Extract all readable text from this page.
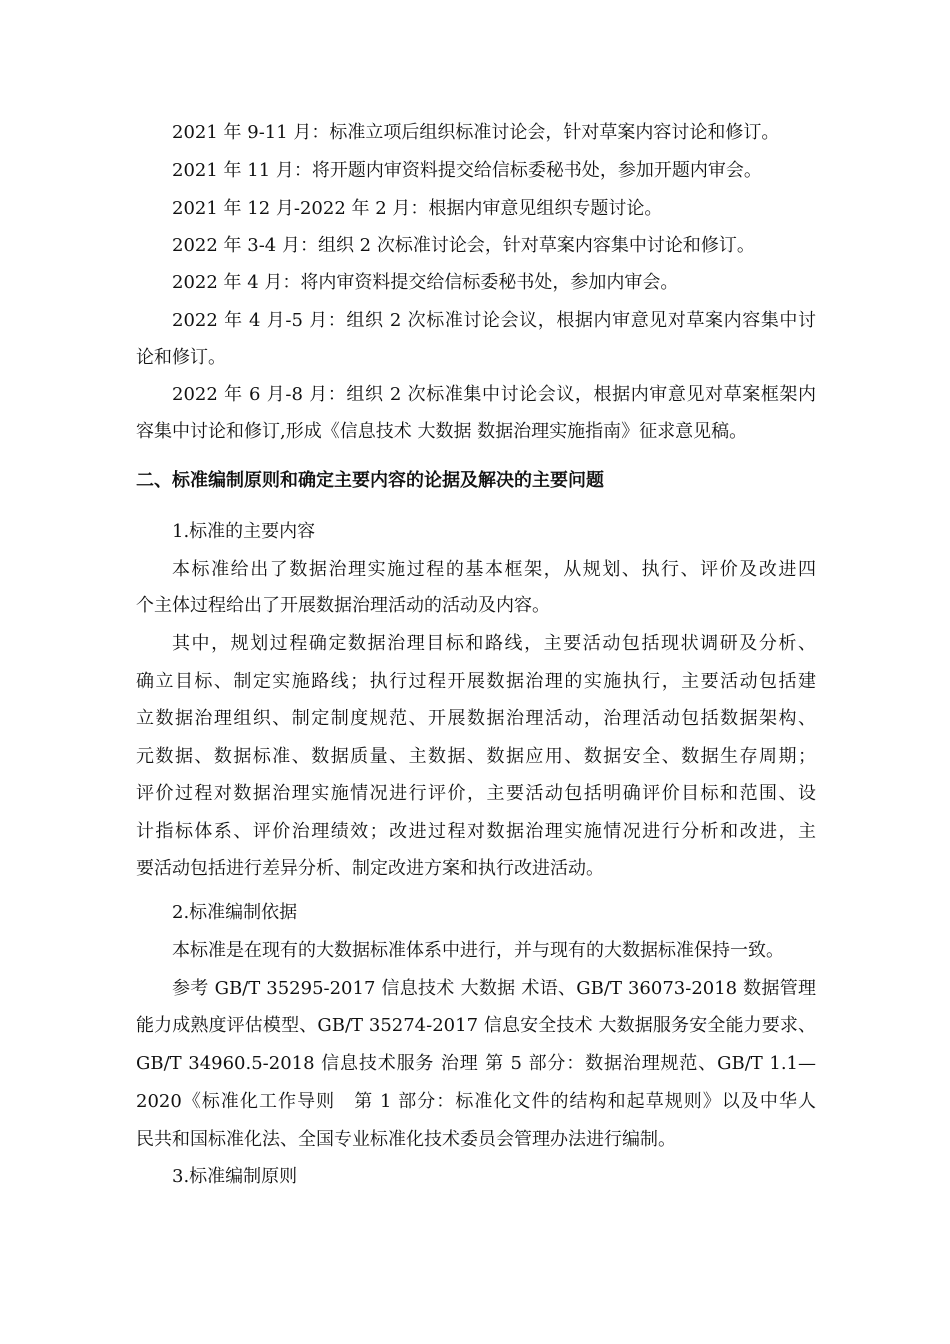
2021 年 9-11 月：标准立项后组织标准讨论会，针对草案内容讨论和修订。
2021 年 11 月：将开题内审资料提交给信标委秘书处，参加开题内审会。
2021 年 12 月-2022 年 2 月：根据内审意见组织专题讨论。
2022 年 3-4 月：组织 2 次标准讨论会，针对草案内容集中讨论和修订。
2022 年 4 月：将内审资料提交给信标委秘书处，参加内审会。
2022 年 4 月-5 月：组织 2 次标准讨论会议，根据内审意见对草案内容集中讨
论和修订。
2022 年 6 月-8 月：组织 2 次标准集中讨论会议，根据内审意见对草案框架内
容集中讨论和修订,形成《信息技术 大数据 数据治理实施指南》征求意见稿。
二、标准编制原则和确定主要内容的论据及解决的主要问题
1.标准的主要内容
本标准给出了数据治理实施过程的基本框架，从规划、执行、评价及改进四
个主体过程给出了开展数据治理活动的活动及内容。
其中，规划过程确定数据治理目标和路线，主要活动包括现状调研及分析、
确立目标、制定实施路线；执行过程开展数据治理的实施执行，主要活动包括建
立数据治理组织、制定制度规范、开展数据治理活动，治理活动包括数据架构、
元数据、数据标准、数据质量、主数据、数据应用、数据安全、数据生存周期；
评价过程对数据治理实施情况进行评价，主要活动包括明确评价目标和范围、设
计指标体系、评价治理绩效；改进过程对数据治理实施情况进行分析和改进，主
要活动包括进行差异分析、制定改进方案和执行改进活动。
2.标准编制依据
本标准是在现有的大数据标准体系中进行，并与现有的大数据标准保持一致。
参考 GB/T 35295-2017 信息技术 大数据 术语、GB/T 36073-2018 数据管理
能力成熟度评估模型、GB/T 35274-2017 信息安全技术 大数据服务安全能力要求、
GB/T 34960.5-2018 信息技术服务 治理 第 5 部分：数据治理规范、GB/T 1.1—
2020《标准化工作导则　第 1 部分：标准化文件的结构和起草规则》以及中华人
民共和国标准化法、全国专业标准化技术委员会管理办法进行编制。
3.标准编制原则
